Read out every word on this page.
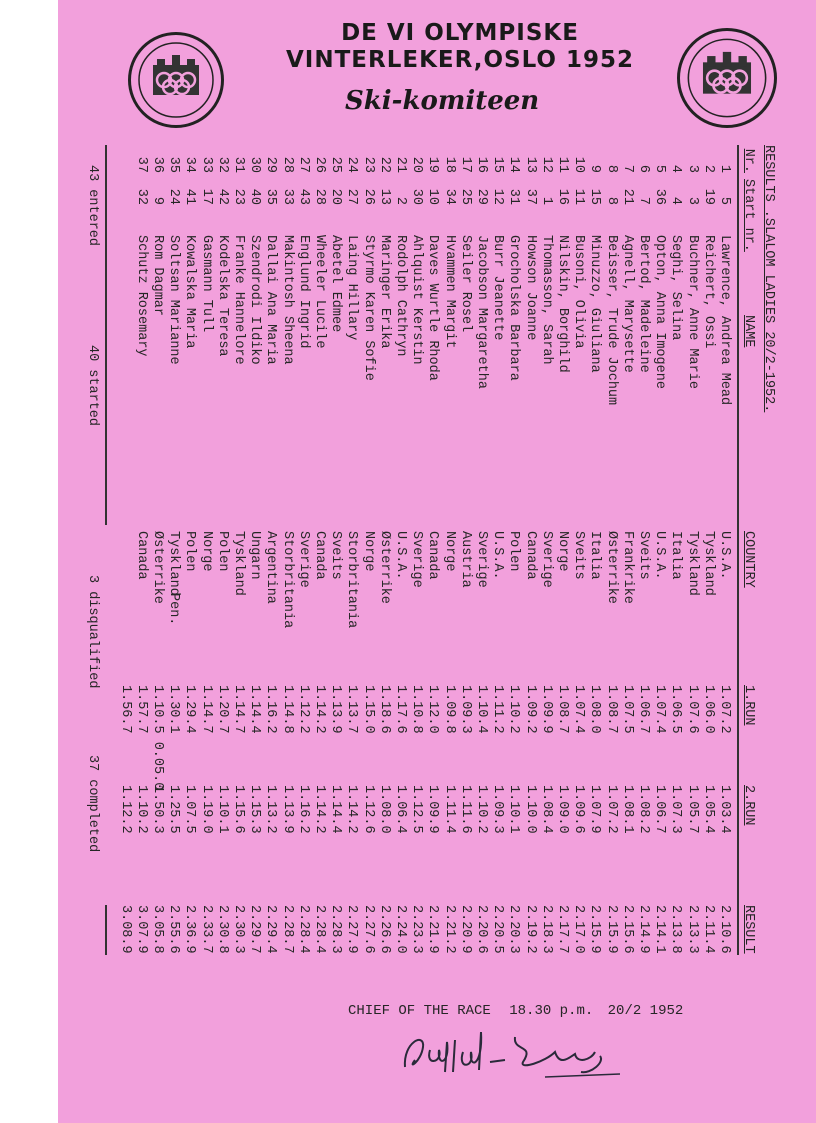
DE VI OLYMPISKE
VINTERLEKER,OSLO 1952
Ski-komiteen
RESULTS .SLALOM LADIES 20/2-1952.
Nr.
Start nr.
NAME
COUNTRY
1.RUN
2.RUN
RESULT
1
5
Lawrence, Andrea Mead
U.S.A.
1.07.2
1.03.4
2.10.6
2
19
Reichert, Ossi
Tyskland
1.06.0
1.05.4
2.11.4
3
3
Buchner, Anne Marie
Tyskland
1.07.6
1.05.7
2.13.3
4
4
Seghi, Selina
Italia
1.06.5
1.07.3
2.13.8
5
36
Opton, Anna Imogene
U.S.A.
1.07.4
1.06.7
2.14.1
6
7
Bertod, Madeleine
Sveits
1.06.7
1.08.2
2.14.9
7
21
Agnell, Marysette
Frankrike
1.07.5
1.08.1
2.15.6
8
8
Beisser, Trude Jochum
Østerrike
1.08.7
1.07.2
2.15.9
9
15
Minuzzo, Giuliana
Italia
1.08.0
1.07.9
2.15.9
10
11
Busoni, Olivia
Sveits
1.07.4
1.09.6
2.17.0
11
16
Nilskin, Borghild
Norge
1.08.7
1.09.0
2.17.7
12
1
Thomasson, Sarah
Sverige
1.09.9
1.08.4
2.18.3
13
37
Howson Joanne
Canada
1.09.2
1.10.0
2.19.2
14
31
Grocholska Barbara
Polen
1.10.2
1.10.1
2.20.3
15
12
Burr Jeanette
U.S.A.
1.11.2
1.09.3
2.20.5
16
29
Jacobson Margaretha
Sverige
1.10.4
1.10.2
2.20.6
17
25
Seiler Rosel
Austria
1.09.3
1.11.6
2.20.9
18
34
Hvammen Margit
Norge
1.09.8
1.11.4
2.21.2
19
10
Daves Wurtle Rhoda
Canada
1.12.0
1.09.9
2.21.9
20
30
Ahlquist Kerstin
Sverige
1.10.8
1.12.5
2.23.3
21
2
Rodolph Cathryn
U.S.A.
1.17.6
1.06.4
2.24.0
22
13
Maringer Erika
Østerrike
1.18.6
1.08.0
2.26.6
23
26
Styrmo Karen Sofie
Norge
1.15.0
1.12.6
2.27.6
24
27
Laing Hillary
Storbritania
1.13.7
1.14.2
2.27.9
25
20
Abetel Edmee
Sveits
1.13.9
1.14.4
2.28.3
26
28
Wheeler Lucile
Canada
1.14.2
1.14.2
2.28.4
27
43
Englund Ingrid
Sverige
1.12.2
1.16.2
2.28.4
28
33
Makintosh Sheena
Storbritania
1.14.8
1.13.9
2.28.7
29
35
Dallai Ana Maria
Argentina
1.16.2
1.13.2
2.29.4
30
40
Szendrodi Ildiko
Ungarn
1.14.4
1.15.3
2.29.7
31
23
Franke Hannelore
Tyskland
1.14.7
1.15.6
2.30.3
32
42
Kodelska Teresa
Polen
1.20.7
1.10.1
2.30.8
33
17
Gasmann Tull
Norge
1.14.7
1.19.0
2.33.7
34
41
Kowalska Maria
Polen
1.29.4
1.07.5
2.36.9
35
24
Soltsan Marianne
Tyskland
Pen.
1.30.1
1.25.5
2.55.6
36
9
Rom Dagmar
Østerrike
1.10.5 0.05.0
1.50.3
3.05.8
37
32
Schutz Rosemary
Canada
1.57.7
1.10.2
3.07.9
1.56.7
1.12.2
3.08.9
43 entered
40 started
3 disqualified
37 completed
CHIEF OF THE RACE 18.30 p.m. 20/2 1952
